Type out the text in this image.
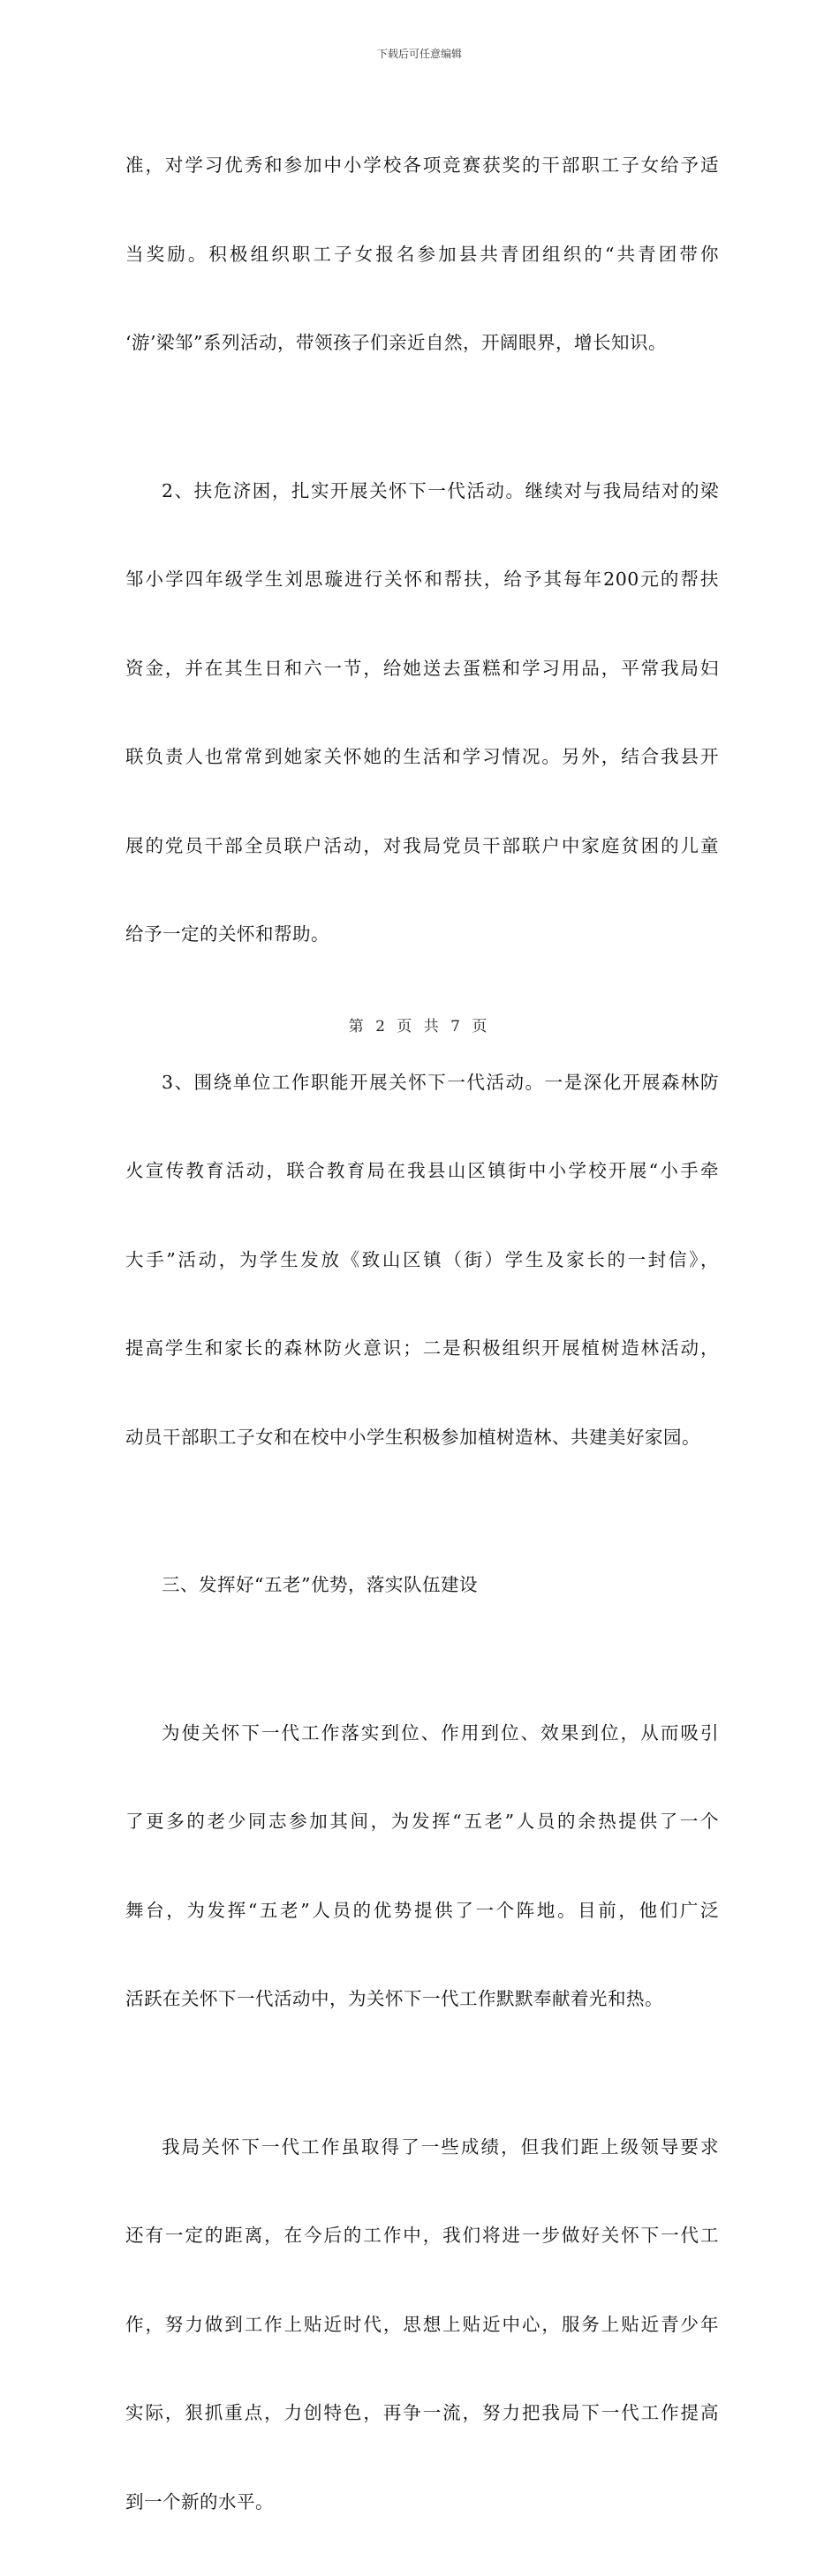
下载后可任意编辑

准，对学习优秀和参加中小学校各项竞赛获奖的干部职工子女给予适

当奖励。积极组织职工子女报名参加县共青团组织的“共青团带你

‘游’梁邹”系列活动，带领孩子们亲近自然，开阔眼界，增长知识。

2、扶危济困，扎实开展关怀下一代活动。继续对与我局结对的梁

邹小学四年级学生刘思璇进行关怀和帮扶，给予其每年200元的帮扶

资金，并在其生日和六一节，给她送去蛋糕和学习用品，平常我局妇

联负责人也常常到她家关怀她的生活和学习情况。另外，结合我县开

展的党员干部全员联户活动，对我局党员干部联户中家庭贫困的儿童

给予一定的关怀和帮助。

3、围绕单位工作职能开展关怀下一代活动。一是深化开展森林防

火宣传教育活动，联合教育局在我县山区镇街中小学校开展“小手牵

大手”活动，为学生发放《致山区镇（街）学生及家长的一封信》，

提高学生和家长的森林防火意识；二是积极组织开展植树造林活动，

动员干部职工子女和在校中小学生积极参加植树造林、共建美好家园。

三、发挥好“五老”优势，落实队伍建设

为使关怀下一代工作落实到位、作用到位、效果到位，从而吸引

了更多的老少同志参加其间，为发挥“五老”人员的余热提供了一个

舞台，为发挥“五老”人员的优势提供了一个阵地。目前，他们广泛

活跃在关怀下一代活动中，为关怀下一代工作默默奉献着光和热。

我局关怀下一代工作虽取得了一些成绩，但我们距上级领导要求

还有一定的距离，在今后的工作中，我们将进一步做好关怀下一代工

作，努力做到工作上贴近时代，思想上贴近中心，服务上贴近青少年

实际，狠抓重点，力创特色，再争一流，努力把我局下一代工作提高

到一个新的水平。

第 2 页 共 7 页
